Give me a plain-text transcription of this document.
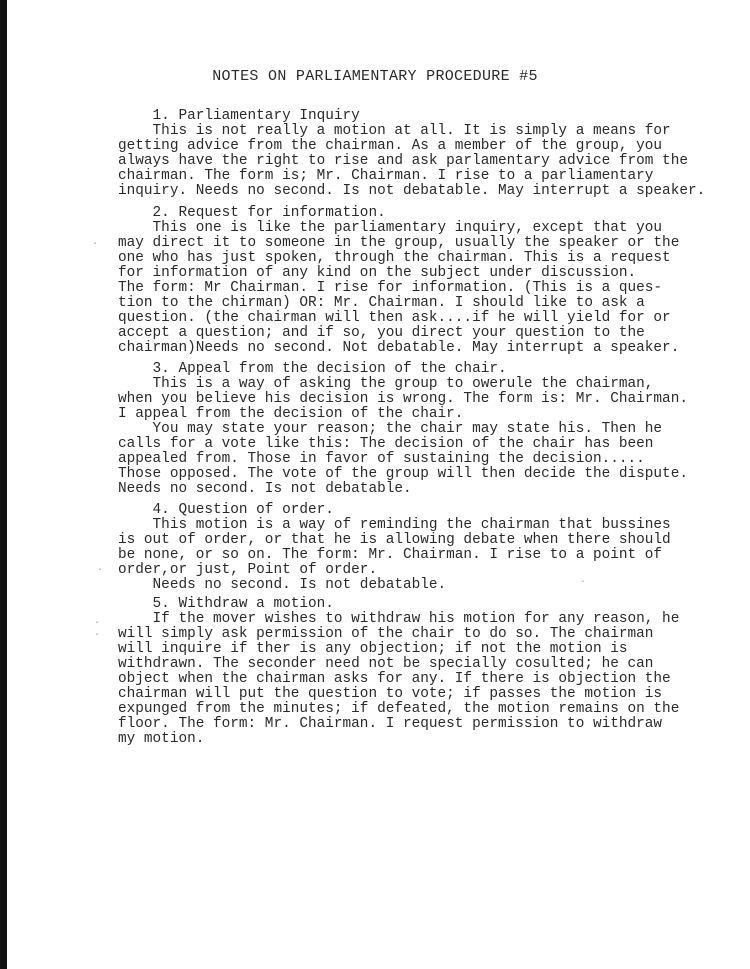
NOTES ON PARLIAMENTARY PROCEDURE #5
1. Parliamentary Inquiry
This is not really a motion at all. It is simply a means for
getting advice from the chairman. As a member of the group, you
always have the right to rise and ask parlamentary advice from the
chairman. The form is; Mr. Chairman. I rise to a parliamentary
inquiry. Needs no second. Is not debatable. May interrupt a speaker.
2. Request for information.
This one is like the parliamentary inquiry, except that you
may direct it to someone in the group, usually the speaker or the
one who has just spoken, through the chairman. This is a request
for information of any kind on the subject under discussion.
The form: Mr Chairman. I rise for information. (This is a ques-
tion to the chirman) OR: Mr. Chairman. I should like to ask a
question. (the chairman will then ask....if he will yield for or
accept a question; and if so, you direct your question to the
chairman)Needs no second. Not debatable. May interrupt a speaker.
3. Appeal from the decision of the chair.
This is a way of asking the group to owerule the chairman,
when you believe his decision is wrong. The form is: Mr. Chairman.
I appeal from the decision of the chair.
You may state your reason; the chair may state his. Then he
calls for a vote like this: The decision of the chair has been
appealed from. Those in favor of sustaining the decision.....
Those opposed. The vote of the group will then decide the dispute.
Needs no second. Is not debatable.
4. Question of order.
This motion is a way of reminding the chairman that bussines
is out of order, or that he is allowing debate when there should
be none, or so on. The form: Mr. Chairman. I rise to a point of
order,or just, Point of order.
Needs no second. Is not debatable.
5. Withdraw a motion.
If the mover wishes to withdraw his motion for any reason, he
will simply ask permission of the chair to do so. The chairman
will inquire if ther is any objection; if not the motion is
withdrawn. The seconder need not be specially cosulted; he can
object when the chairman asks for any. If there is objection the
chairman will put the question to vote; if passes the motion is
expunged from the minutes; if defeated, the motion remains on the
floor. The form: Mr. Chairman. I request permission to withdraw
my motion.
·
·
·
·
·
